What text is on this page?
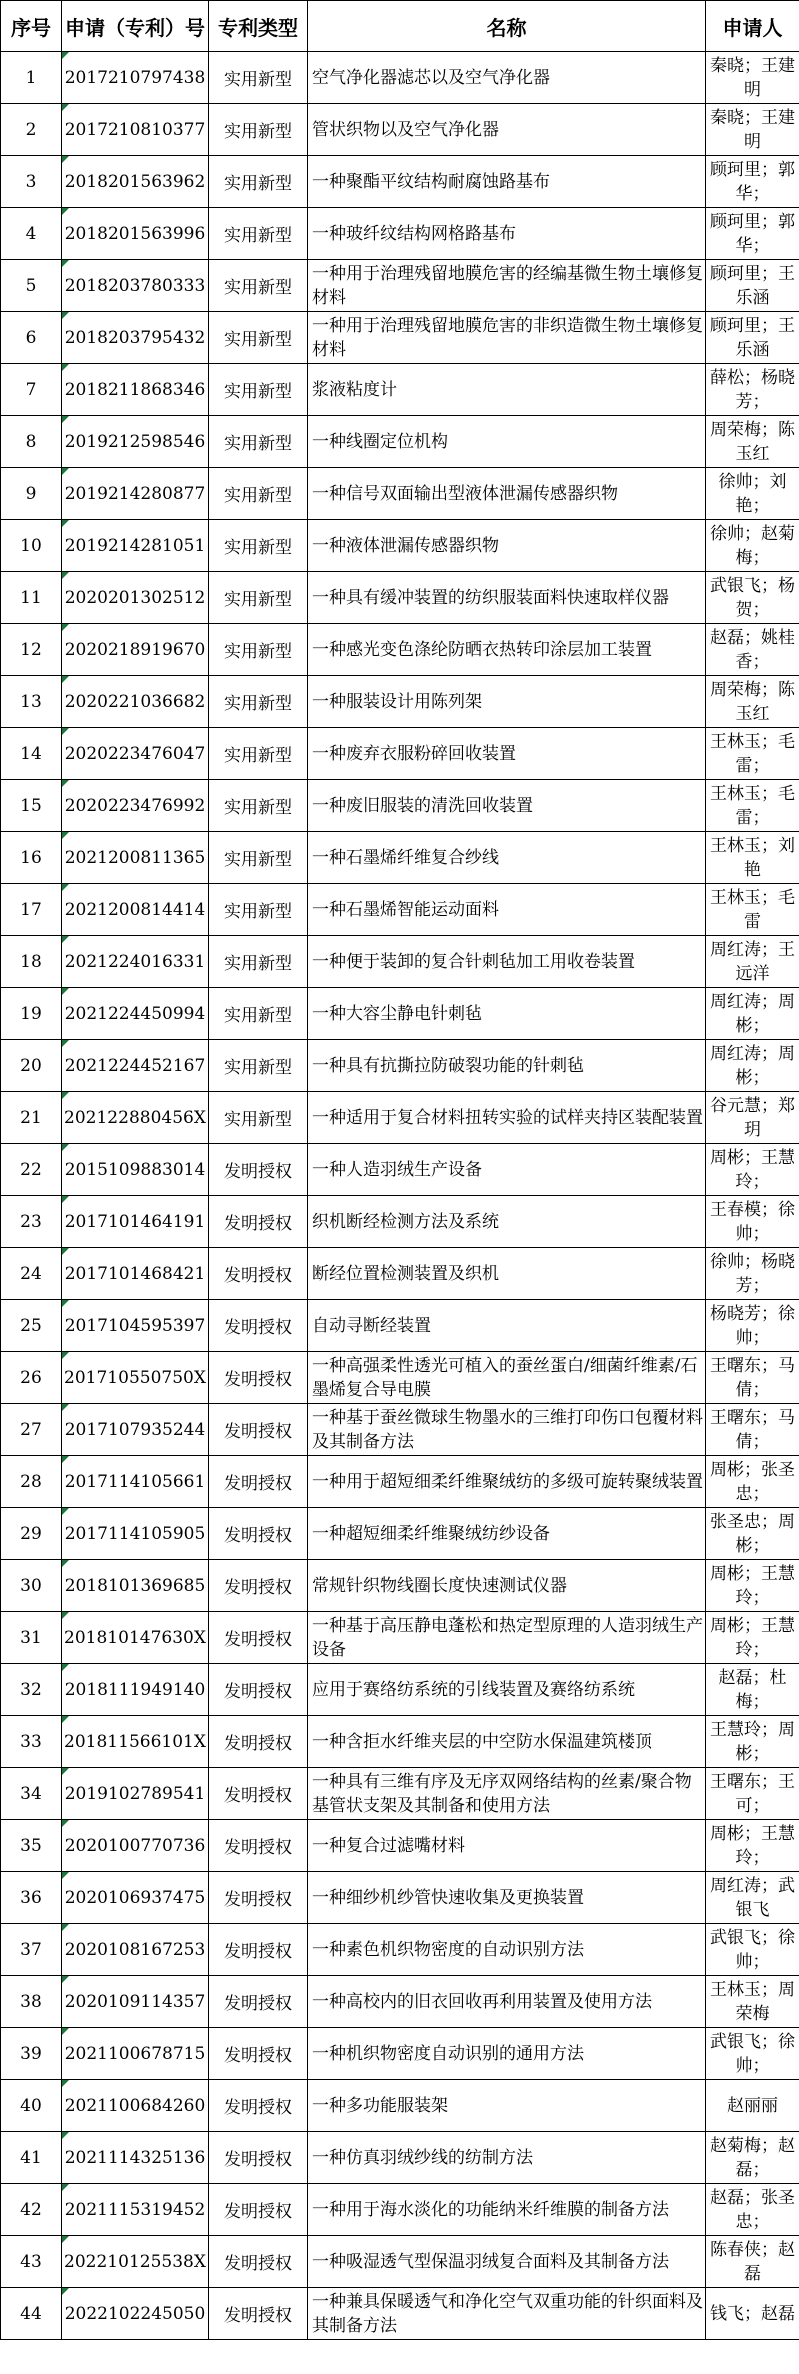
序号	申请（专利）号	专利类型	名称	申请人
1	2017210797438	实用新型	空气净化器滤芯以及空气净化器	秦晓；王建明
2	2017210810377	实用新型	管状织物以及空气净化器	秦晓；王建明
3	2018201563962	实用新型	一种聚酯平纹结构耐腐蚀路基布	顾珂里；郭华；
4	2018201563996	实用新型	一种玻纤纹结构网格路基布	顾珂里；郭华；
5	2018203780333	实用新型	一种用于治理残留地膜危害的经编基微生物土壤修复材料	顾珂里；王乐涵
6	2018203795432	实用新型	一种用于治理残留地膜危害的非织造微生物土壤修复材料	顾珂里；王乐涵
7	2018211868346	实用新型	浆液粘度计	薛松；杨晓芳；
8	2019212598546	实用新型	一种线圈定位机构	周荣梅；陈玉红
9	2019214280877	实用新型	一种信号双面输出型液体泄漏传感器织物	徐帅；刘艳；
10	2019214281051	实用新型	一种液体泄漏传感器织物	徐帅；赵菊梅；
11	2020201302512	实用新型	一种具有缓冲装置的纺织服装面料快速取样仪器	武银飞；杨贺；
12	2020218919670	实用新型	一种感光变色涤纶防晒衣热转印涂层加工装置	赵磊；姚桂香；
13	2020221036682	实用新型	一种服装设计用陈列架	周荣梅；陈玉红
14	2020223476047	实用新型	一种废弃衣服粉碎回收装置	王林玉；毛雷；
15	2020223476992	实用新型	一种废旧服装的清洗回收装置	王林玉；毛雷；
16	2021200811365	实用新型	一种石墨烯纤维复合纱线	王林玉；刘艳
17	2021200814414	实用新型	一种石墨烯智能运动面料	王林玉；毛雷
18	2021224016331	实用新型	一种便于装卸的复合针刺毡加工用收卷装置	周红涛；王远洋
19	2021224450994	实用新型	一种大容尘静电针刺毡	周红涛；周彬；
20	2021224452167	实用新型	一种具有抗撕拉防破裂功能的针刺毡	周红涛；周彬；
21	202122880456X	实用新型	一种适用于复合材料扭转实验的试样夹持区装配装置	谷元慧；郑玥
22	2015109883014	发明授权	一种人造羽绒生产设备	周彬；王慧玲；
23	2017101464191	发明授权	织机断经检测方法及系统	王春模；徐帅；
24	2017101468421	发明授权	断经位置检测装置及织机	徐帅；杨晓芳；
25	2017104595397	发明授权	自动寻断经装置	杨晓芳；徐帅；
26	201710550750X	发明授权	一种高强柔性透光可植入的蚕丝蛋白/细菌纤维素/石墨烯复合导电膜	王曙东；马倩；
27	2017107935244	发明授权	一种基于蚕丝微球生物墨水的三维打印伤口包覆材料及其制备方法	王曙东；马倩；
28	2017114105661	发明授权	一种用于超短细柔纤维聚绒纺的多级可旋转聚绒装置	周彬；张圣忠；
29	2017114105905	发明授权	一种超短细柔纤维聚绒纺纱设备	张圣忠；周彬；
30	2018101369685	发明授权	常规针织物线圈长度快速测试仪器	周彬；王慧玲；
31	201810147630X	发明授权	一种基于高压静电蓬松和热定型原理的人造羽绒生产设备	周彬；王慧玲；
32	2018111949140	发明授权	应用于赛络纺系统的引线装置及赛络纺系统	赵磊；杜梅；
33	201811566101X	发明授权	一种含拒水纤维夹层的中空防水保温建筑楼顶	王慧玲；周彬；
34	2019102789541	发明授权	一种具有三维有序及无序双网络结构的丝素/聚合物基管状支架及其制备和使用方法	王曙东；王可；
35	2020100770736	发明授权	一种复合过滤嘴材料	周彬；王慧玲；
36	2020106937475	发明授权	一种细纱机纱管快速收集及更换装置	周红涛；武银飞
37	2020108167253	发明授权	一种素色机织物密度的自动识别方法	武银飞；徐帅；
38	2020109114357	发明授权	一种高校内的旧衣回收再利用装置及使用方法	王林玉；周荣梅
39	2021100678715	发明授权	一种机织物密度自动识别的通用方法	武银飞；徐帅；
40	2021100684260	发明授权	一种多功能服装架	赵丽丽
41	2021114325136	发明授权	一种仿真羽绒纱线的纺制方法	赵菊梅；赵磊；
42	2021115319452	发明授权	一种用于海水淡化的功能纳米纤维膜的制备方法	赵磊；张圣忠；
43	202210125538X	发明授权	一种吸湿透气型保温羽绒复合面料及其制备方法	陈春侠；赵磊
44	2022102245050	发明授权	一种兼具保暖透气和净化空气双重功能的针织面料及其制备方法	钱飞；赵磊
